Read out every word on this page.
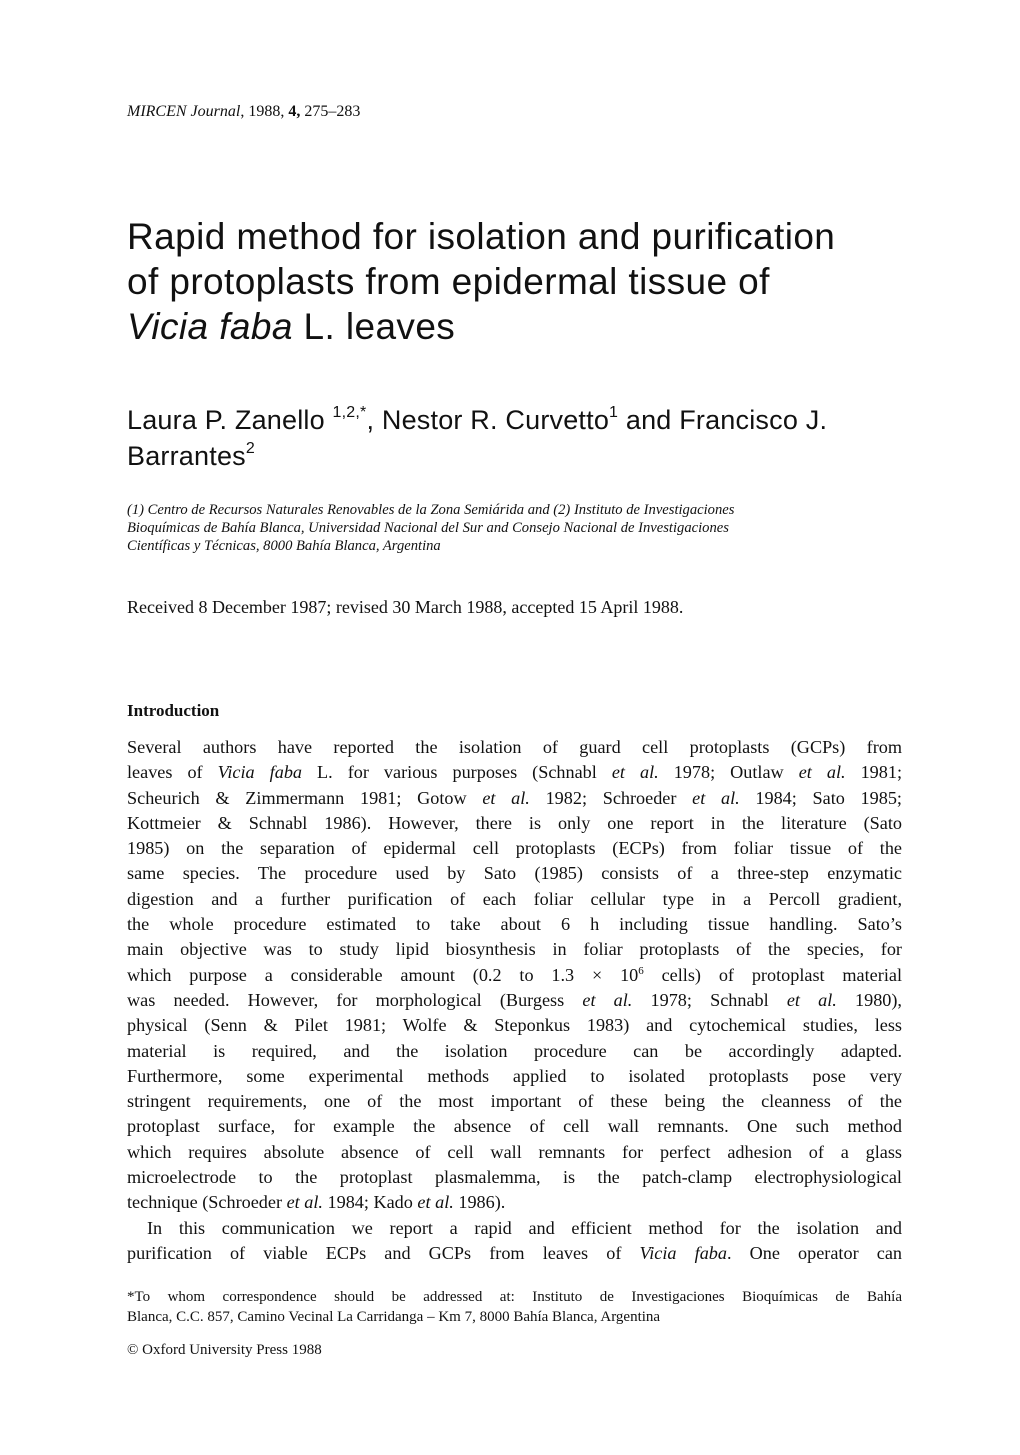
MIRCEN Journal, 1988, 4, 275–283
Rapid method for isolation and purification
of protoplasts from epidermal tissue of
Vicia faba L. leaves
Laura P. Zanello $^{1,2,*}$, Nestor R. Curvetto$^1$ and Francisco J. Barrantes$^2$
(1) Centro de Recursos Naturales Renovables de la Zona Semiárida and (2) Instituto de Investigaciones
Bioquímicas de Bahía Blanca, Universidad Nacional del Sur and Consejo Nacional de Investigaciones
Científicas y Técnicas, 8000 Bahía Blanca, Argentina
Received 8 December 1987; revised 30 March 1988, accepted 15 April 1988.
Introduction
Several authors have reported the isolation of guard cell protoplasts (GCPs) from
leaves of Vicia faba L. for various purposes (Schnabl et al. 1978; Outlaw et al. 1981;
Scheurich & Zimmermann 1981; Gotow et al. 1982; Schroeder et al. 1984; Sato 1985;
Kottmeier & Schnabl 1986). However, there is only one report in the literature (Sato
1985) on the separation of epidermal cell protoplasts (ECPs) from foliar tissue of the
same species. The procedure used by Sato (1985) consists of a three-step enzymatic
digestion and a further purification of each foliar cellular type in a Percoll gradient,
the whole procedure estimated to take about 6 h including tissue handling. Sato’s
main objective was to study lipid biosynthesis in foliar protoplasts of the species, for
which purpose a considerable amount (0.2 to $1.3 \times 10^6$ cells) of protoplast material
was needed. However, for morphological (Burgess et al. 1978; Schnabl et al. 1980),
physical (Senn & Pilet 1981; Wolfe & Steponkus 1983) and cytochemical studies, less
material is required, and the isolation procedure can be accordingly adapted.
Furthermore, some experimental methods applied to isolated protoplasts pose very
stringent requirements, one of the most important of these being the cleanness of the
protoplast surface, for example the absence of cell wall remnants. One such method
which requires absolute absence of cell wall remnants for perfect adhesion of a glass
microelectrode to the protoplast plasmalemma, is the patch-clamp electrophysiological
technique (Schroeder et al. 1984; Kado et al. 1986).
In this communication we report a rapid and efficient method for the isolation and
purification of viable ECPs and GCPs from leaves of Vicia faba. One operator can
*To whom correspondence should be addressed at: Instituto de Investigaciones Bioquímicas de Bahía
Blanca, C.C. 857, Camino Vecinal La Carridanga – Km 7, 8000 Bahía Blanca, Argentina
© Oxford University Press 1988
